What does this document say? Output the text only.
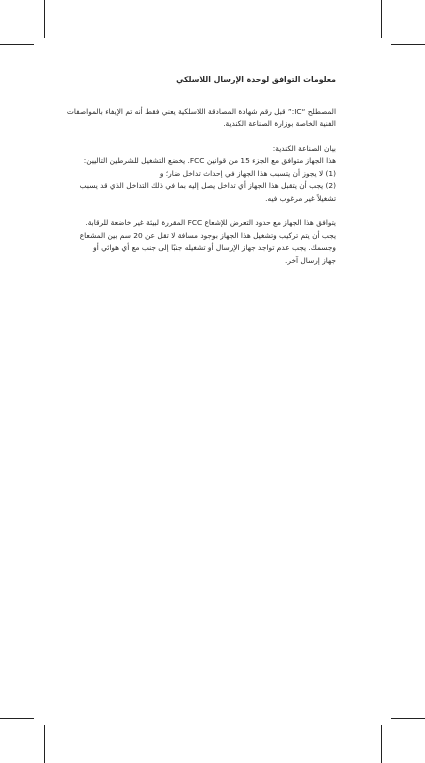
معلومات التوافق لوحدة الإرسال اللاسلكي
المصطلح “IC:” قبل رقم شهادة المصادقة اللاسلكية يعني فقط أنه تم الإيفاء بالمواصفات
الفنية الخاصة بوزارة الصناعة الكندية.
بيان الصناعة الكندية:
هذا الجهاز متوافق مع الجزء 15 من قوانين FCC. يخضع التشغيل للشرطين التاليين:
(1) لا يجوز أن يتسبب هذا الجهاز في إحداث تداخل ضار؛ و
(2) يجب أن يتقبل هذا الجهاز أي تداخل يصل إليه بما في ذلك التداخل الذي قد يسبب
تشغيلاً غير مرغوب فيه.
يتوافق هذا الجهاز مع حدود التعرض للإشعاع FCC المقررة لبيئة غير خاضعة للرقابة.
يجب أن يتم تركيب وتشغيل هذا الجهاز بوجود مسافة لا تقل عن 20 سم بين المشعاع
وجسمك. يجب عدم تواجد جهاز الإرسال أو تشغيله جنبًا إلى جنب مع أي هوائي أو
جهاز إرسال آخر.
